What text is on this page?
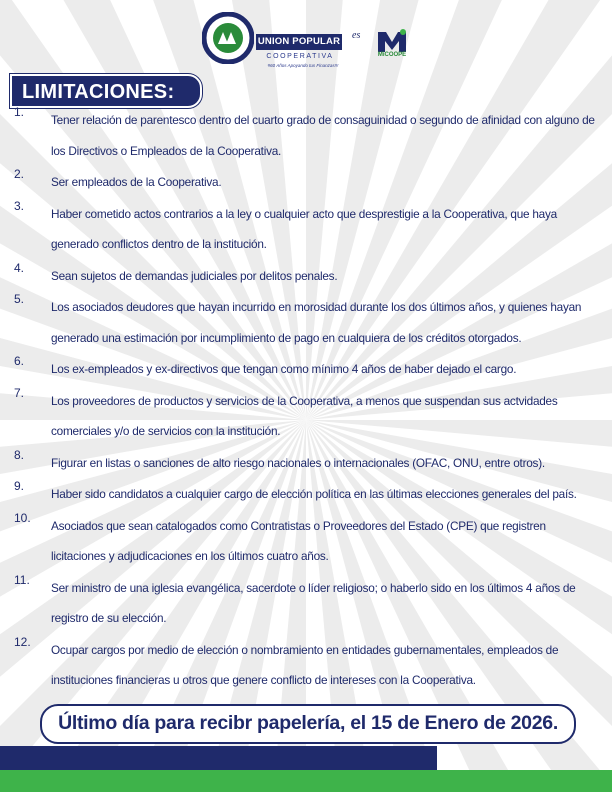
UNION POPULAR
COOPERATIVA
#60 Años Apoyando tus Finanzas!!!
es
MiCOOPE
LIMITACIONES:
1.
Tener relación de parentesco dentro del cuarto grado de consaguinidad o segundo de afinidad con alguno de los Directivos o Empleados de la Cooperativa.
2.
Ser empleados de la Cooperativa.
3.
Haber cometido actos contrarios a la ley o cualquier acto que desprestigie a la Cooperativa, que haya generado conflictos dentro de la institución.
4.
Sean sujetos de demandas judiciales por delitos penales.
5.
Los asociados deudores que hayan incurrido en morosidad durante los dos últimos años, y quienes hayan generado una estimación por incumplimiento de pago en cualquiera de los créditos otorgados.
6.
Los ex-empleados y ex-directivos que tengan como mínimo 4 años de haber dejado el cargo.
7.
Los proveedores de productos y servicios de la Cooperativa, a menos que suspendan sus actvidades comerciales y/o de servicios con la institución.
8.
Figurar en listas o sanciones de alto riesgo nacionales o internacionales (OFAC, ONU, entre otros).
9.
Haber sido candidatos a cualquier cargo de elección política en las últimas elecciones generales del país.
10.
Asociados que sean catalogados como Contratistas o Proveedores del Estado (CPE) que registren licitaciones y adjudicaciones en los últimos cuatro años.
11.
Ser ministro de una iglesia evangélica, sacerdote o líder religioso; o haberlo sido en los últimos 4 años de registro de su elección.
12.
Ocupar cargos por medio de elección o nombramiento en entidades gubernamentales, empleados de instituciones financieras u otros que genere conflicto de intereses con la Cooperativa.
Último día para recibr papelería, el 15 de Enero de 2026.
